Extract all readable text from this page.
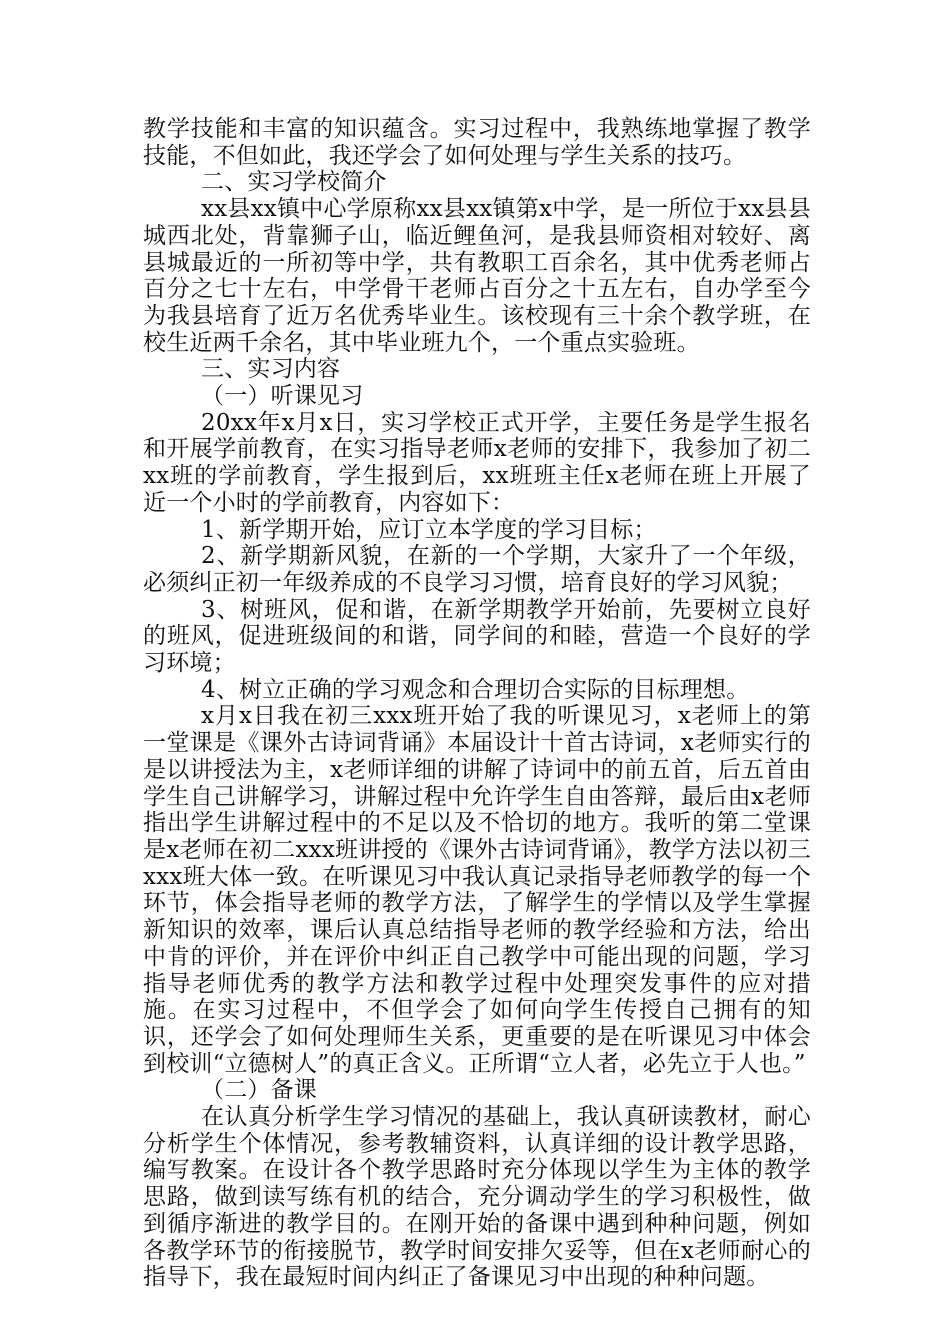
教学技能和丰富的知识蕴含。实习过程中，我熟练地掌握了教学技能，不但如此，我还学会了如何处理与学生关系的技巧。

二、实习学校简介

xx县xx镇中心学原称xx县xx镇第x中学，是一所位于xx县县城西北处，背靠狮子山，临近鲤鱼河，是我县师资相对较好、离县城最近的一所初等中学，共有教职工百余名，其中优秀老师占百分之七十左右，中学骨干老师占百分之十五左右，自办学至今为我县培育了近万名优秀毕业生。该校现有三十余个教学班，在校生近两千余名，其中毕业班九个，一个重点实验班。

三、实习内容

（一）听课见习

20xx年x月x日，实习学校正式开学，主要任务是学生报名和开展学前教育，在实习指导老师x老师的安排下，我参加了初二xx班的学前教育，学生报到后，xx班班主任x老师在班上开展了近一个小时的学前教育，内容如下：

1、新学期开始，应订立本学度的学习目标；

2、新学期新风貌，在新的一个学期，大家升了一个年级，必须纠正初一年级养成的不良学习习惯，培育良好的学习风貌；

3、树班风，促和谐，在新学期教学开始前，先要树立良好的班风，促进班级间的和谐，同学间的和睦，营造一个良好的学习环境；

4、树立正确的学习观念和合理切合实际的目标理想。

x月x日我在初三xxx班开始了我的听课见习，x老师上的第一堂课是《课外古诗词背诵》本届设计十首古诗词，x老师实行的是以讲授法为主，x老师详细的讲解了诗词中的前五首，后五首由学生自己讲解学习，讲解过程中允许学生自由答辩，最后由x老师指出学生讲解过程中的不足以及不恰切的地方。我听的第二堂课是x老师在初二xxx班讲授的《课外古诗词背诵》，教学方法以初三xxx班大体一致。在听课见习中我认真记录指导老师教学的每一个环节，体会指导老师的教学方法，了解学生的学情以及学生掌握新知识的效率，课后认真总结指导老师的教学经验和方法，给出中肯的评价，并在评价中纠正自己教学中可能出现的问题，学习指导老师优秀的教学方法和教学过程中处理突发事件的应对措施。在实习过程中，不但学会了如何向学生传授自己拥有的知识，还学会了如何处理师生关系，更重要的是在听课见习中体会到校训“立德树人”的真正含义。正所谓“立人者，必先立于人也。”

（二）备课

在认真分析学生学习情况的基础上，我认真研读教材，耐心分析学生个体情况，参考教辅资料，认真详细的设计教学思路，编写教案。在设计各个教学思路时充分体现以学生为主体的教学思路，做到读写练有机的结合，充分调动学生的学习积极性，做到循序渐进的教学目的。在刚开始的备课中遇到种种问题，例如各教学环节的衔接脱节，教学时间安排欠妥等，但在x老师耐心的指导下，我在最短时间内纠正了备课见习中出现的种种问题。
